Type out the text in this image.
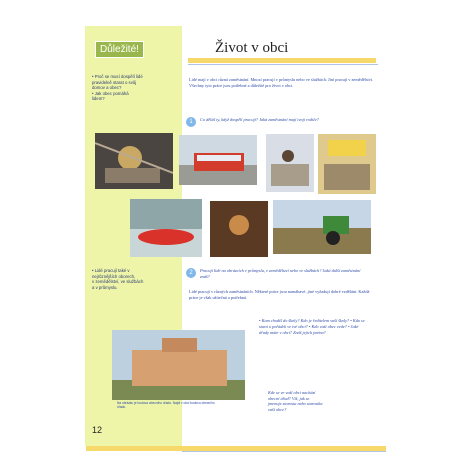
Důležité!	Život v obci
• Proč se musí dospělí lidé
pravidelně starat o svůj
domov a obec?
• Jak obec pomáhá
lidem?
• Lidé pracují také v
nejrůznějších oborech,
v zemědělství, ve službách
a v průmyslu.
Lidé mají v obci různá zaměstnání. Mnozí pracují v průmyslu nebo ve službách. Jiní pracují v zemědělství. Všechny tyto práce jsou potřebné a důležité pro život v obci.
1	Co děláš ty, když dospělí pracují? Jaká zaměstnání mají tvoji rodiče?
2	Pracují lidé na obrázcích v průmyslu, v zemědělství nebo ve službách? Jaká další zaměstnání znáš?
Lidé pracují v různých zaměstnáních. Některé práce jsou namáhavé, jiné vyžadují dobré vzdělání. Každá práce je však užitečná a potřebná.
Na obrázku je budova obecního úřadu. Najdi v obci budovu obecního úřadu.
• Kam chodíš do školy? Kdo je ředitelem vaší školy? • Kdo se stará o pořádek ve tvé obci? • Kdo vaši obec vede? • Jaké úřady máte v obci? Znáš jejich jména?
Kde se ve vaší obci nachází
obecní úřad? Víš, jak se
jmenuje starosta nebo starostka
vaší obce?
12
